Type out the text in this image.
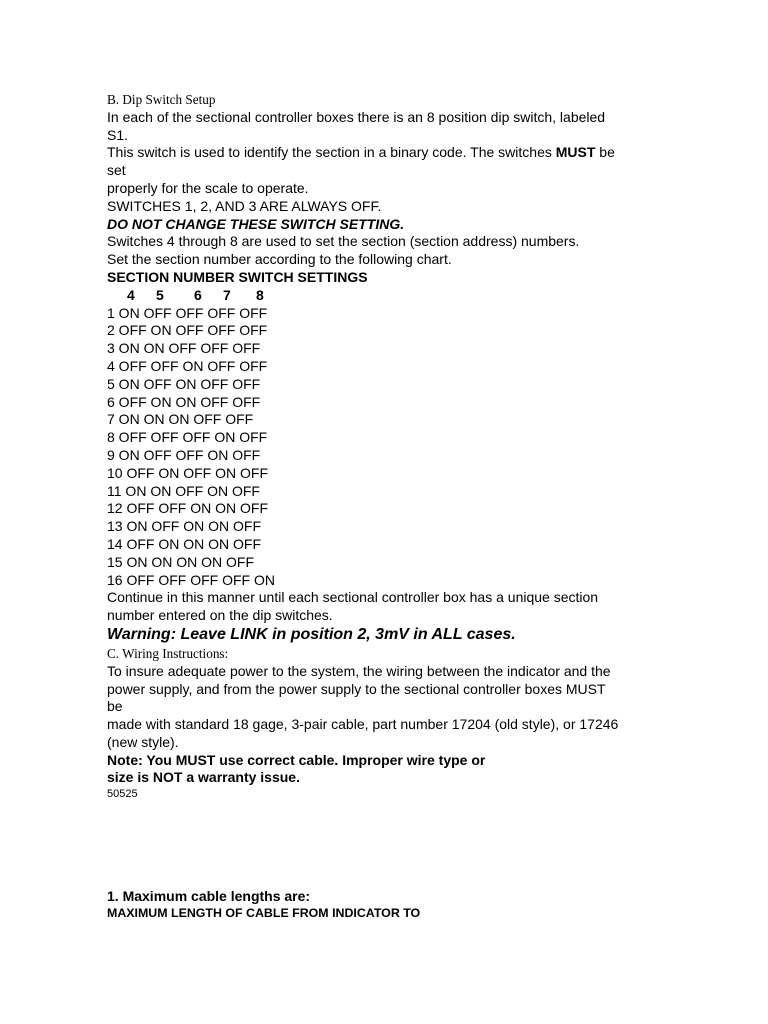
B. Dip Switch Setup
In each of the sectional controller boxes there is an 8 position dip switch, labeled
S1.
This switch is used to identify the section in a binary code. The switches MUST be
set
properly for the scale to operate.
SWITCHES 1, 2, AND 3 ARE ALWAYS OFF.
DO NOT CHANGE THESE SWITCH SETTING.
Switches 4 through 8 are used to set the section (section address) numbers.
Set the section number according to the following chart.
SECTION NUMBER SWITCH SETTINGS
4 5 6 7 8
1 ON OFF OFF OFF OFF
2 OFF ON OFF OFF OFF
3 ON ON OFF OFF OFF
4 OFF OFF ON OFF OFF
5 ON OFF ON OFF OFF
6 OFF ON ON OFF OFF
7 ON ON ON OFF OFF
8 OFF OFF OFF ON OFF
9 ON OFF OFF ON OFF
10 OFF ON OFF ON OFF
11 ON ON OFF ON OFF
12 OFF OFF ON ON OFF
13 ON OFF ON ON OFF
14 OFF ON ON ON OFF
15 ON ON ON ON OFF
16 OFF OFF OFF OFF ON
Continue in this manner until each sectional controller box has a unique section
number entered on the dip switches.
Warning: Leave LINK in position 2, 3mV in ALL cases.
C. Wiring Instructions:
To insure adequate power to the system, the wiring between the indicator and the
power supply, and from the power supply to the sectional controller boxes MUST
be
made with standard 18 gage, 3-pair cable, part number 17204 (old style), or 17246
(new style).
Note: You MUST use correct cable. Improper wire type or
size is NOT a warranty issue.
50525
1. Maximum cable lengths are:
MAXIMUM LENGTH OF CABLE FROM INDICATOR TO
